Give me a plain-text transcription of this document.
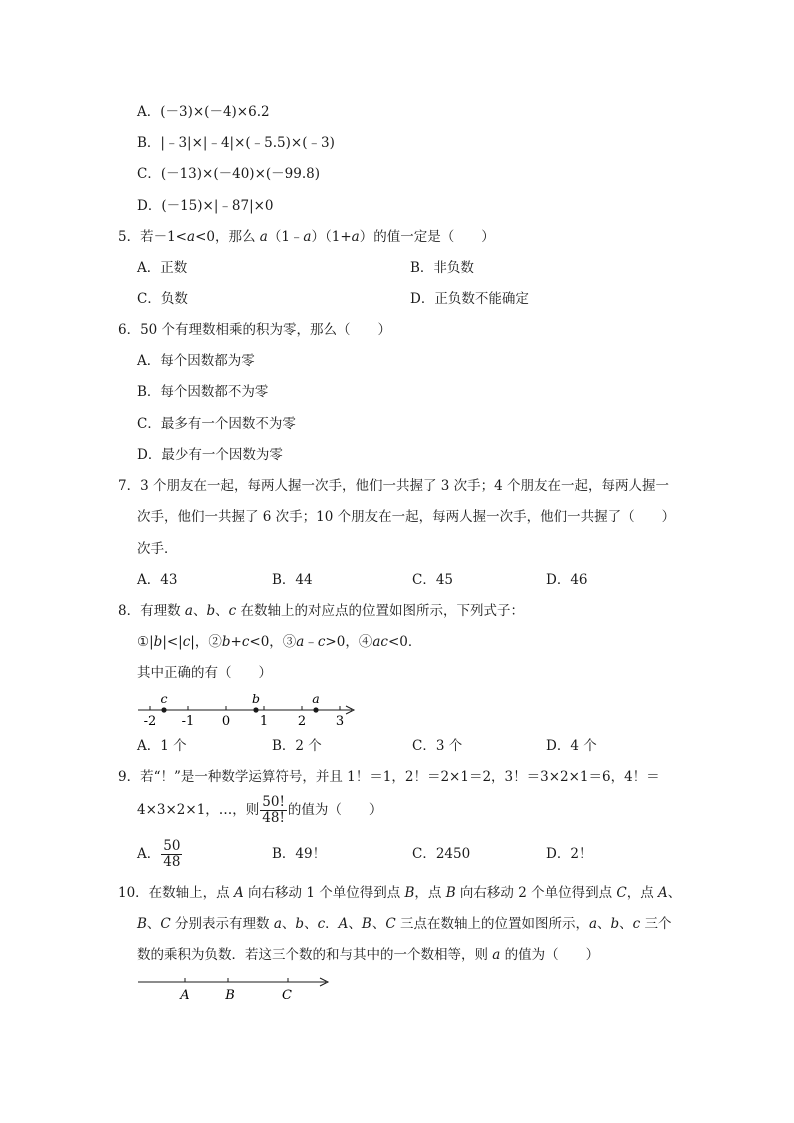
A．(－3)×(－4)×6.2
B．|﹣3|×|﹣4|×(﹣5.5)×(﹣3)
C．(－13)×(－40)×(－99.8)
D．(－15)×|﹣87|×0
5．若－1<a<0，那么 a（1﹣a）（1+a）的值一定是（　　）
A．正数	B．非负数
C．负数	D．正负数不能确定
6．50 个有理数相乘的积为零，那么（　　）
A．每个因数都为零
B．每个因数都不为零
C．最多有一个因数不为零
D．最少有一个因数为零
7．3 个朋友在一起，每两人握一次手，他们一共握了 3 次手；4 个朋友在一起，每两人握一
次手，他们一共握了 6 次手；10 个朋友在一起，每两人握一次手，他们一共握了（　　）
次手．
A．43	B．44	C．45	D．46
8．有理数 a、b、c 在数轴上的对应点的位置如图所示，下列式子：
①|b|<|c|，②b+c<0，③a﹣c>0，④ac<0．
其中正确的有（　　）
-2 -1 0 1 2 3
c	b	a
A．1 个	B．2 个	C．3 个	D．4 个
9．若“！”是一种数学运算符号，并且 1！＝1，2！＝2×1＝2，3！＝3×2×1＝6，4！＝
4×3×2×1，…，则 $\frac{50!}{48!}$ 的值为（　　）
A． $\frac{50}{48}$	B．49！	C．2450	D．2！
10．在数轴上，点 A 向右移动 1 个单位得到点 B，点 B 向右移动 2 个单位得到点 C，点 A、
B、C 分别表示有理数 a、b、c．A、B、C 三点在数轴上的位置如图所示，a、b、c 三个
数的乘积为负数．若这三个数的和与其中的一个数相等，则 a 的值为（　　）
A	B	C
